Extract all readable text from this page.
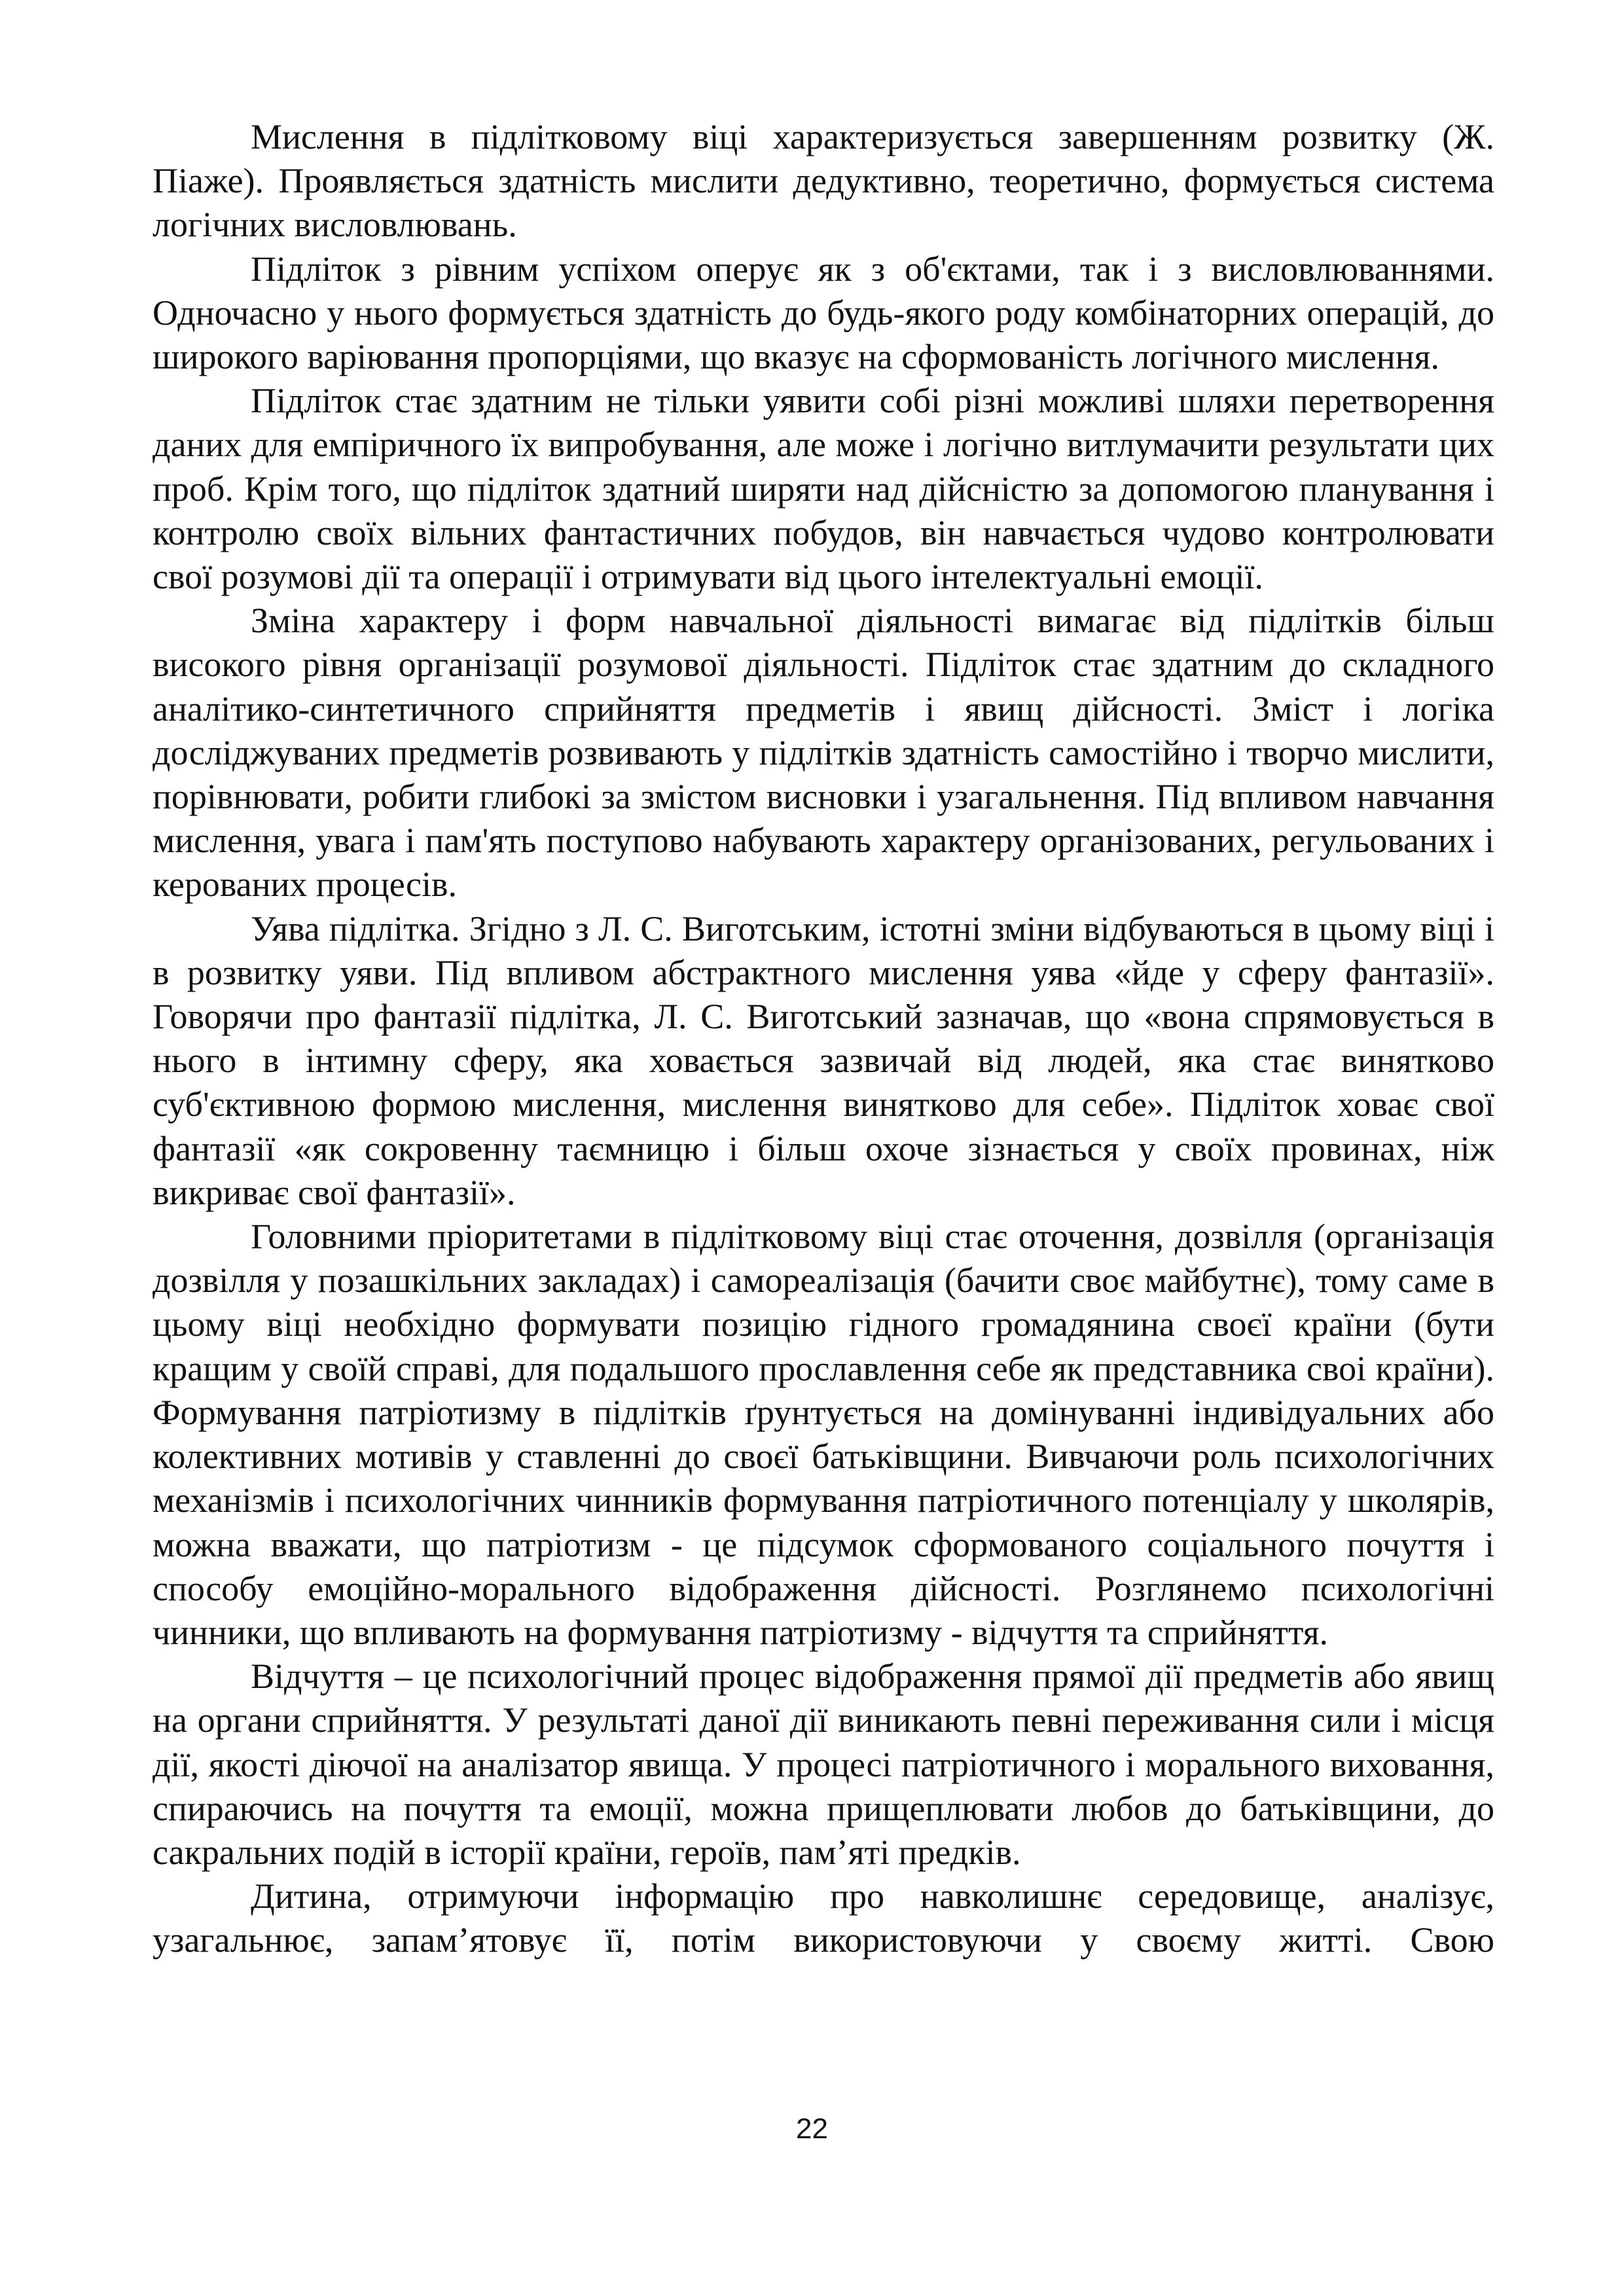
Мислення в підлітковому віці характеризується завершенням розвитку (Ж. Піаже). Проявляється здатність мислити дедуктивно, теоретично, формується система логічних висловлювань.

Підліток з рівним успіхом оперує як з об'єктами, так і з висловлюваннями. Одночасно у нього формується здатність до будь-якого роду комбінаторних операцій, до широкого варіювання пропорціями, що вказує на сформованість логічного мислення.

Підліток стає здатним не тільки уявити собі різні можливі шляхи перетворення даних для емпіричного їх випробування, але може і логічно витлумачити результати цих проб. Крім того, що підліток здатний ширяти над дійсністю за допомогою планування і контролю своїх вільних фантастичних побудов, він навчається чудово контролювати свої розумові дії та операції і отримувати від цього інтелектуальні емоції.

Зміна характеру і форм навчальної діяльності вимагає від підлітків більш високого рівня організації розумової діяльності. Підліток стає здатним до складного аналітико-синтетичного сприйняття предметів і явищ дійсності. Зміст і логіка досліджуваних предметів розвивають у підлітків здатність самостійно і творчо мислити, порівнювати, робити глибокі за змістом висновки і узагальнення. Під впливом навчання мислення, увага і пам'ять поступово набувають характеру організованих, регульованих і керованих процесів.

Уява підлітка. Згідно з Л. С. Виготським, істотні зміни відбуваються в цьому віці і в розвитку уяви. Під впливом абстрактного мислення уява «йде у сферу фантазії». Говорячи про фантазії підлітка, Л. С. Виготський зазначав, що «вона спрямовується в нього в інтимну сферу, яка ховається зазвичай від людей, яка стає винятково суб'єктивною формою мислення, мислення винятково для себе». Підліток ховає свої фантазії «як сокровенну таємницю і більш охоче зізнається у своїх провинах, ніж викриває свої фантазії».

Головними пріоритетами в підлітковому віці стає оточення, дозвілля (організація дозвілля у позашкільних закладах) і самореалізація (бачити своє майбутнє), тому саме в цьому віці необхідно формувати позицію гідного громадянина своєї країни (бути кращим у своїй справі, для подальшого прославлення себе як представника своі країни). Формування патріотизму в підлітків ґрунтується на домінуванні індивідуальних або колективних мотивів у ставленні до своєї батьківщини. Вивчаючи роль психологічних механізмів і психологічних чинників формування патріотичного потенціалу у школярів, можна вважати, що патріотизм - це підсумок сформованого соціального почуття і способу емоційно-морального відображення дійсності. Розглянемо психологічні чинники, що впливають на формування патріотизму - відчуття та сприйняття.

Відчуття – це психологічний процес відображення прямої дії предметів або явищ на органи сприйняття. У результаті даної дії виникають певні переживання сили і місця дії, якості діючої на аналізатор явища. У процесі патріотичного і морального виховання, спираючись на почуття та емоції, можна прищеплювати любов до батьківщини, до сакральних подій в історії країни, героїв, пам’яті предків.

Дитина, отримуючи інформацію про навколишнє середовище, аналізує, узагальнює, запам’ятовує її, потім використовуючи у своєму житті. Свою

22
